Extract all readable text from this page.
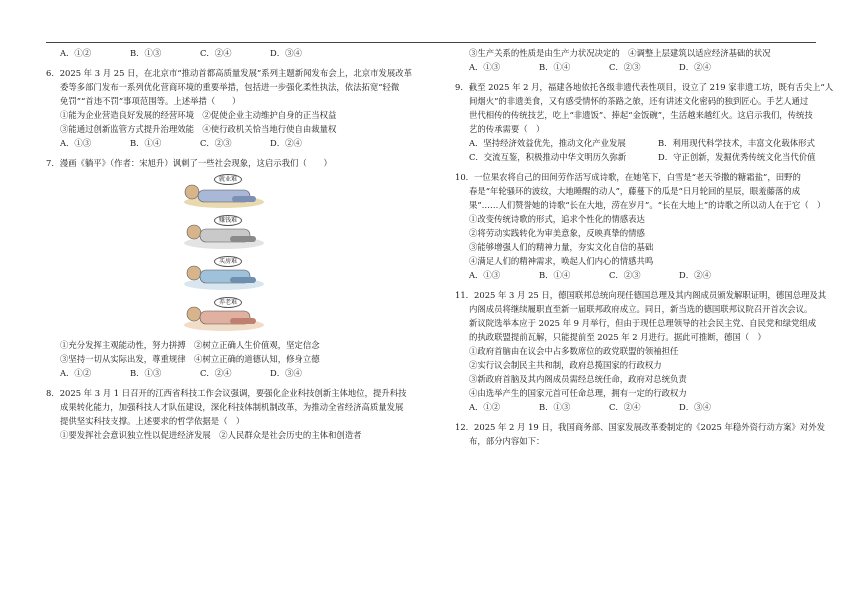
A．①②	B．①③	C．②④	D．③④
6．2025 年 3 月 25 日，在北京市“推动首都高质量发展”系列主题新闻发布会上，北京市发展改革
委等多部门发布一系列优化营商环境的重要举措，包括进一步强化柔性执法，依法拓宽“轻微
免罚”“首违不罚”事项范围等。上述举措（　　）
①能为企业营造良好发展的经营环境　②促使企业主动维护自身的正当权益
③能通过创新监管方式提升治理效能　④使行政机关恰当地行使自由裁量权
A．①③	B．①④	C．②③	D．②④
7．漫画《躺平》（作者：宋旭升）讽刺了一些社会现象，这启示我们（　　）
就业难
赚钱难
买房难
养老难
①充分发挥主观能动性，努力拼搏　②树立正确人生价值观，坚定信念
③坚持一切从实际出发，尊重规律　④树立正确的道德认知，修身立德
A．①②	B．①③	C．②④	D．③④
8．2025 年 3 月 1 日召开的江西省科技工作会议强调，要强化企业科技创新主体地位，提升科技
成果转化能力，加强科技人才队伍建设，深化科技体制机制改革，为推动全省经济高质量发展
提供坚实科技支撑。上述要求的哲学依据是（　）
①要发挥社会意识独立性以促进经济发展　②人民群众是社会历史的主体和创造者
③生产关系的性质是由生产力状况决定的　④调整上层建筑以适应经济基础的状况
A．①③	B．①④	C．②③	D．②④
9．截至 2025 年 2 月，福建各地依托各级非遗代表性项目，设立了 219 家非遗工坊，既有舌尖上“人
间烟火”的非遗美食，又有感受情怀的茶路之旅，还有讲述文化密码的独到匠心。手艺人通过
世代相传的传统技艺，吃上“非遗饭”、捧起“金饭碗”，生活越来越红火。这启示我们，传统技
艺的传承需要（　）
A．坚持经济效益优先，推动文化产业发展	B．利用现代科学技术，丰富文化载体形式
C．交流互鉴，积极推动中华文明历久弥新	D．守正创新，发掘优秀传统文化当代价值
10．一位果农将自己的田间劳作活写成诗歌，在她笔下，白雪是“老天爷撒的糖霜盐”，田野的
春是“年轮骚环的波纹，大地睡醒的动人”，藤蔓下的瓜是“日月轮回的星辰，眼羞藤落的成
果”……人们赞誉她的诗歌“长在大地，涝在岁月”。“长在大地上”的诗歌之所以动人在于它（　）
①改变传统诗歌的形式，追求个性化的情感表达
②将劳动实践转化为审美意象，反映真挚的情感
③能够增强人们的精神力量，夯实文化自信的基础
④满足人们的精神需求，唤起人们内心的情感共鸣
A．①③	B．①④	C．②③	D．②④
11．2025 年 3 月 25 日，德国联邦总统向现任德国总理及其内阁成员颁发解职证明，德国总理及其
内阁成员将继续履职直至新一届联邦政府成立。同日，新当选的德国联邦议院召开首次会议。
新议院选举本应于 2025 年 9 月举行，但由于现任总理领导的社会民主党、自民党和绿党组成
的执政联盟提前瓦解，只能提前至 2025 年 2 月进行。据此可推断，德国（　）
①政府首脑由在议会中占多数席位的政党联盟的领袖担任
②实行议会制民主共和制，政府总揽国家的行政权力
③新政府首脑及其内阁成员需经总统任命，政府对总统负责
④由选举产生的国家元首可任命总理，拥有一定的行政权力
A．①②	B．①③	C．②④	D．③④
12．2025 年 2 月 19 日，我国商务部、国家发展改革委制定的《2025 年稳外资行动方案》对外发
布，部分内容如下：
